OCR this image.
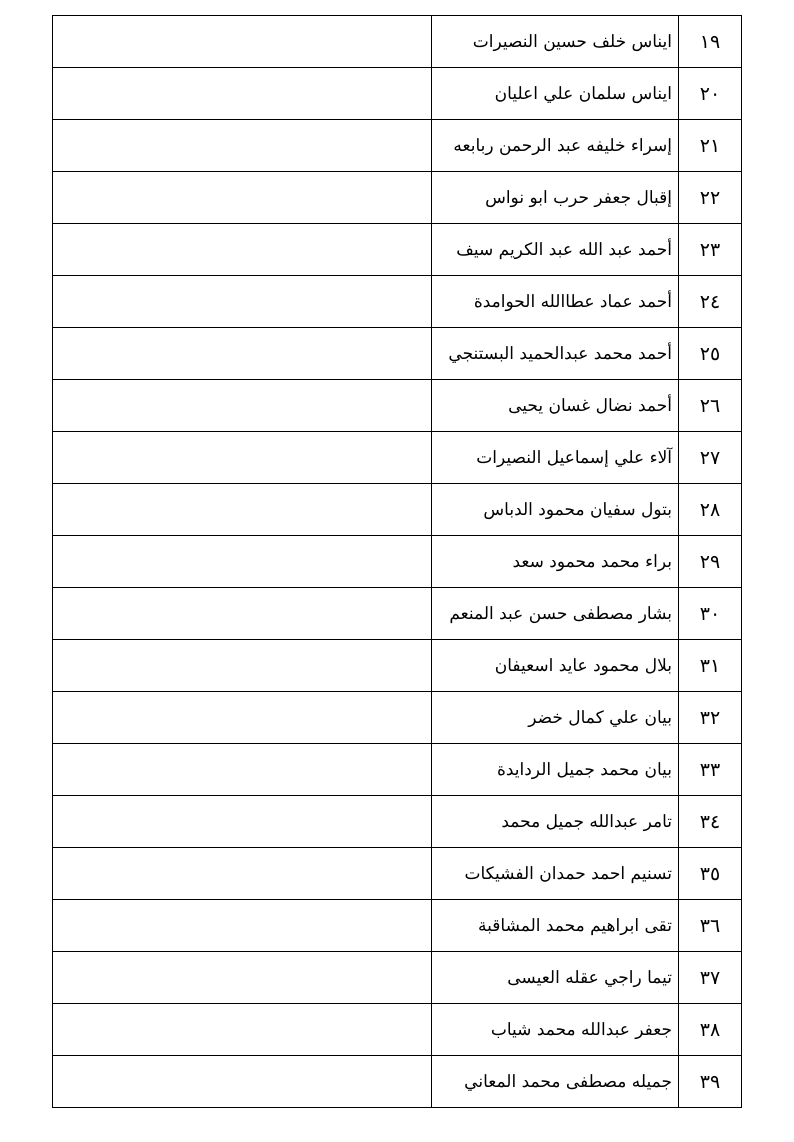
١٩	ايناس خلف حسين النصيرات	
٢٠	ايناس سلمان علي اعليان	
٢١	إسراء خليفه عبد الرحمن ربابعه	
٢٢	إقبال جعفر حرب ابو نواس	
٢٣	أحمد عبد الله عبد الكريم سيف	
٢٤	أحمد عماد عطاالله الحوامدة	
٢٥	أحمد محمد عبدالحميد البستنجي	
٢٦	أحمد نضال غسان يحيى	
٢٧	آلاء علي إسماعيل النصيرات	
٢٨	بتول سفيان محمود الدباس	
٢٩	براء محمد محمود سعد	
٣٠	بشار مصطفى حسن عبد المنعم	
٣١	بلال محمود عايد اسعيفان	
٣٢	بيان علي كمال خضر	
٣٣	بيان محمد جميل الردايدة	
٣٤	تامر عبدالله جميل محمد	
٣٥	تسنيم احمد حمدان الفشيكات	
٣٦	تقى ابراهيم محمد المشاقبة	
٣٧	تيما راجي عقله العيسى	
٣٨	جعفر عبدالله محمد شياب	
٣٩	جميله مصطفى محمد المعاني	
